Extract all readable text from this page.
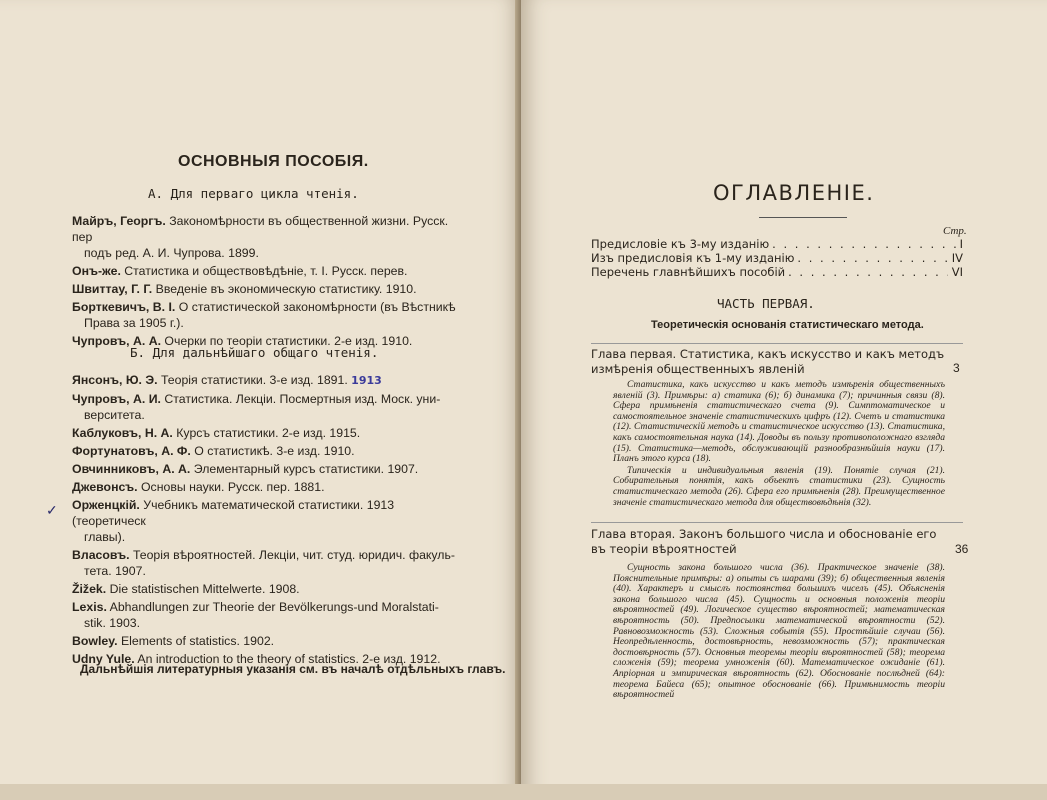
ОСНОВНЫЯ ПОСОБІЯ.
А. Для перваго цикла чтенія.
Майръ, Георгъ. Закономѣрности въ общественной жизни. Русск. пер
подъ ред. А. И. Чупрова. 1899.
Онъ-же. Статистика и обществовѣдѣніе, т. I. Русск. перев.
Швиттау, Г. Г. Введеніе въ экономическую статистику. 1910.
Борткевичъ, В. І. О статистической закономѣрности (въ Вѣстникѣ
Права за 1905 г.).
Чупровъ, А. А. Очерки по теоріи статистики. 2-е изд. 1910.
Б. Для дальнѣйшаго общаго чтенія.
Янсонъ, Ю. Э. Теорія статистики. 3-е изд. 1891. 1913
Чупровъ, А. И. Статистика. Лекціи. Посмертныя изд. Моск. уни-
верситета.
Каблуковъ, Н. А. Курсъ статистики. 2-е изд. 1915.
Фортунатовъ, А. Ф. О статистикѣ. 3-е изд. 1910.
Овчинниковъ, А. А. Элементарный курсъ статистики. 1907.
Джевонсъ. Основы науки. Русск. пер. 1881.
Орженцкій. Учебникъ математической статистики. 1913 (теоретическ
главы).
Власовъ. Теорія вѣроятностей. Лекціи, чит. студ. юридич. факуль-
тета. 1907.
Žižek. Die statistischen Mittelwerte. 1908.
Lexis. Abhandlungen zur Theorie der Bevölkerungs-und Moralstati-
stik. 1903.
Bowley. Elements of statistics. 1902.
Udny Yule. An introduction to the theory of statistics. 2-е изд. 1912.
Дальнѣйшія литературныя указанія см. въ началѣ отдѣльныхъ главъ.
✓
ОГЛАВЛЕНІЕ.
Стр.
Предисловіе къ 3-му изданію . . .	I
Изъ предисловія къ 1-му изданію . . .	IV
Перечень главнѣйшихъ пособій . . .	VI
ЧАСТЬ ПЕРВАЯ.
Теоретическія основанія статистическаго метода.
Глава первая. Статистика, какъ искусство и какъ методъ
измѣренія общественныхъ явленій	3

Статистика, какъ искусство и какъ методъ измѣренія общественныхъ явленій (3). Примѣры: а) статика (6); б) динамика (7); причинныя связи (8). Сфера примѣненія статистическаго счета (9). Симптоматическое и самостоятельное значеніе статистическихъ цифръ (12). Счетъ и статистика (12). Статистическій методъ и статистическое искусство (13). Статистика, какъ самостоятельная наука (14). Доводы въ пользу противоположнаго взгляда (15). Статистика—методъ, обслуживающій разнообразнѣйшія науки (17). Планъ этого курса (18).

Типическія и индивидуальныя явленія (19). Понятіе случая (21). Собирательныя понятія, какъ объектъ статистики (23). Сущность статистическаго метода (26). Сфера его примѣненія (28). Преимущественное значеніе статистическаго метода для обществовѣдѣнія (32).

Глава вторая. Законъ большого числа и обоснованіе его
въ теоріи вѣроятностей	36

Сущность закона большого числа (36). Практическое значеніе (38). Пояснительные примѣры: а) опыты съ шарами (39); б) общественныя явленія (40). Характеръ и смыслъ постоянства большихъ чиселъ (45). Объясненія закона большого числа (45). Сущность и основныя положенія теоріи вѣроятностей (49). Логическое существо вѣроятностей; математическая вѣроятность (50). Предпосылки математической вѣроятности (52). Равновозможность (53). Сложныя событія (55). Простѣйшіе случаи (56). Неопредѣленность, достовѣрность, невозможность (57); практическая достовѣрность (57). Основныя теоремы теоріи вѣроятностей (58); теорема сложенія (59); теорема умноженія (60). Математическое ожиданіе (61). Апріорная и эмпирическая вѣроятность (62). Обоснованіе послѣдней (64): теорема Байеса (65); опытное обоснованіе (66). Примѣнимость теоріи вѣроятностей
